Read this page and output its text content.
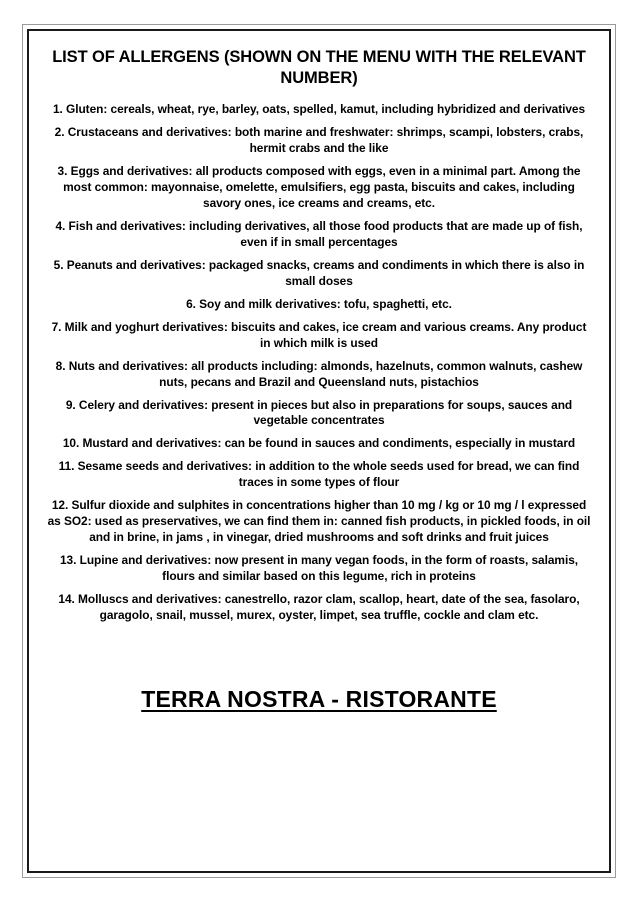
LIST OF ALLERGENS (SHOWN ON THE MENU WITH THE RELEVANT NUMBER)
1. Gluten: cereals, wheat, rye, barley, oats, spelled, kamut, including hybridized and derivatives
2. Crustaceans and derivatives: both marine and freshwater: shrimps, scampi, lobsters, crabs, hermit crabs and the like
3. Eggs and derivatives: all products composed with eggs, even in a minimal part. Among the most common: mayonnaise, omelette, emulsifiers, egg pasta, biscuits and cakes, including savory ones, ice creams and creams, etc.
4. Fish and derivatives: including derivatives, all those food products that are made up of fish, even if in small percentages
5. Peanuts and derivatives: packaged snacks, creams and condiments in which there is also in small doses
6. Soy and milk derivatives: tofu, spaghetti, etc.
7. Milk and yoghurt derivatives: biscuits and cakes, ice cream and various creams. Any product in which milk is used
8. Nuts and derivatives: all products including: almonds, hazelnuts, common walnuts, cashew nuts, pecans and Brazil and Queensland nuts, pistachios
9. Celery and derivatives: present in pieces but also in preparations for soups, sauces and vegetable concentrates
10. Mustard and derivatives: can be found in sauces and condiments, especially in mustard
11. Sesame seeds and derivatives: in addition to the whole seeds used for bread, we can find traces in some types of flour
12. Sulfur dioxide and sulphites in concentrations higher than 10 mg / kg or 10 mg / l expressed as SO2: used as preservatives, we can find them in: canned fish products, in pickled foods, in oil and in brine, in jams , in vinegar, dried mushrooms and soft drinks and fruit juices
13. Lupine and derivatives: now present in many vegan foods, in the form of roasts, salamis, flours and similar based on this legume, rich in proteins
14. Molluscs and derivatives: canestrello, razor clam, scallop, heart, date of the sea, fasolaro, garagolo, snail, mussel, murex, oyster, limpet, sea truffle, cockle and clam etc.
TERRA NOSTRA - RISTORANTE
